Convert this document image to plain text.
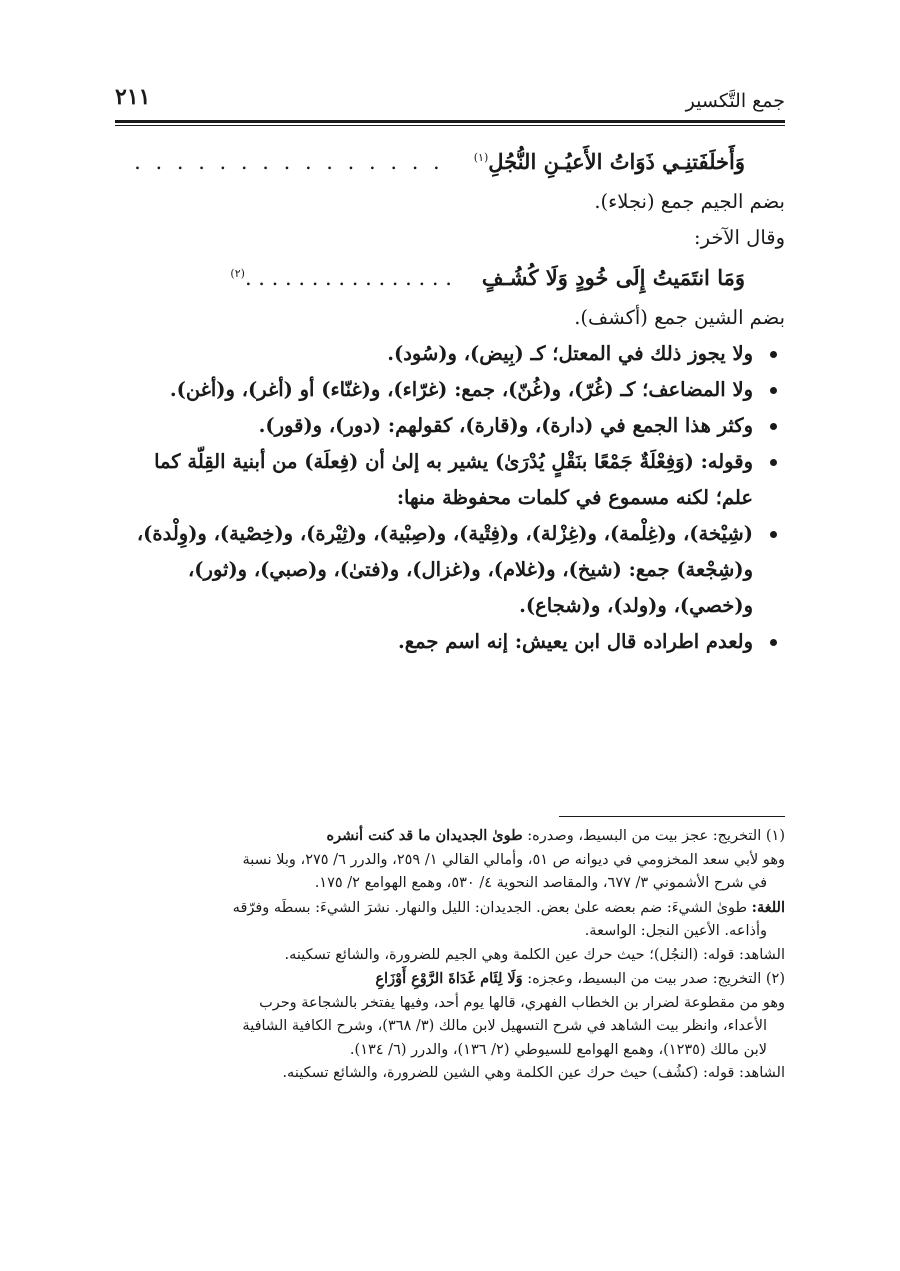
جمع التَّكسير
٢١١
وَأَخلَفَتنِـي ذَوَاتُ الأَعيُـنِ النُّجُلِ$^{(١)}$
. . . . . . . . . . . . . . .

بضم الجيم جمع (نجلاء).

وقال الآخر:

وَمَا انتَمَيتُ إِلَى خُودٍ وَلَا كُشُـفٍ
. . . . . . . . . . . . . . . .$^{(٢)}$

بضم الشين جمع (أكشف).

ولا يجوز ذلك في المعتل؛ كـ (بِيض)، و(سُود).
ولا المضاعف؛ كـ (غُرّ)، و(غُنّ)، جمع: (غرّاء)، و(غنّاء) أو (أغر)، و(أغن).
وكثر هذا الجمع في (دارة)، و(قارة)، كقولهم: (دور)، و(قور).
وقوله: (وَفِعْلَةٌ جَمْعًا بنَقْلٍ يُدْرَىٰ) يشير به إلىٰ أن (فِعلَة) من أبنية القِلّة كما علم؛ لكنه مسموع في كلمات محفوظة منها:
(شِيْخة)، و(غِلْمة)، و(غِزْلة)، و(فِتْية)، و(صِبْية)، و(ثِيْرة)، و(خِصْية)، و(وِلْدة)، و(شِجْعة) جمع: (شيخ)، و(غلام)، و(غزال)، و(فتىٰ)، و(صبي)، و(ثور)، و(خصي)، و(ولد)، و(شجاع).
ولعدم اطراده قال ابن يعيش: إنه اسم جمع.

(١) التخريج: عجز بيت من البسيط، وصدره: طوىٰ الجديدان ما قد كنت أنشره

وهو لأبي سعد المخزومي في ديوانه ص ٥١، وأمالي القالي ١/ ٢٥٩، والدرر ٦/ ٢٧٥، وبلا نسبة

في شرح الأشموني ٣/ ٦٧٧، والمقاصد النحوية ٤/ ٥٣٠، وهمع الهوامع ٢/ ١٧٥.

اللغة: طوىٰ الشيءَ: ضم بعضه علىٰ بعض. الجديدان: الليل والنهار. نشرَ الشيءَ: بسطَه وفرّقه

وأذاعه. الأعين النجل: الواسعة.

الشاهد: قوله: (النجُل)؛ حيث حرك عين الكلمة وهي الجيم للضرورة، والشائع تسكينه.

(٢) التخريج: صدر بيت من البسيط، وعجزه: وَلَا لِئَام غَدَاةَ الرَّوْعِ أَوْزَاعِ

وهو من مقطوعة لضرار بن الخطاب الفهري، قالها يوم أحد، وفيها يفتخر بالشجاعة وحرب

الأعداء، وانظر بيت الشاهد في شرح التسهيل لابن مالك (٣/ ٣٦٨)، وشرح الكافية الشافية

لابن مالك (١٢٣٥)، وهمع الهوامع للسيوطي (٢/ ١٣٦)، والدرر (٦/ ١٣٤).

الشاهد: قوله: (كشُف) حيث حرك عين الكلمة وهي الشين للضرورة، والشائع تسكينه.
